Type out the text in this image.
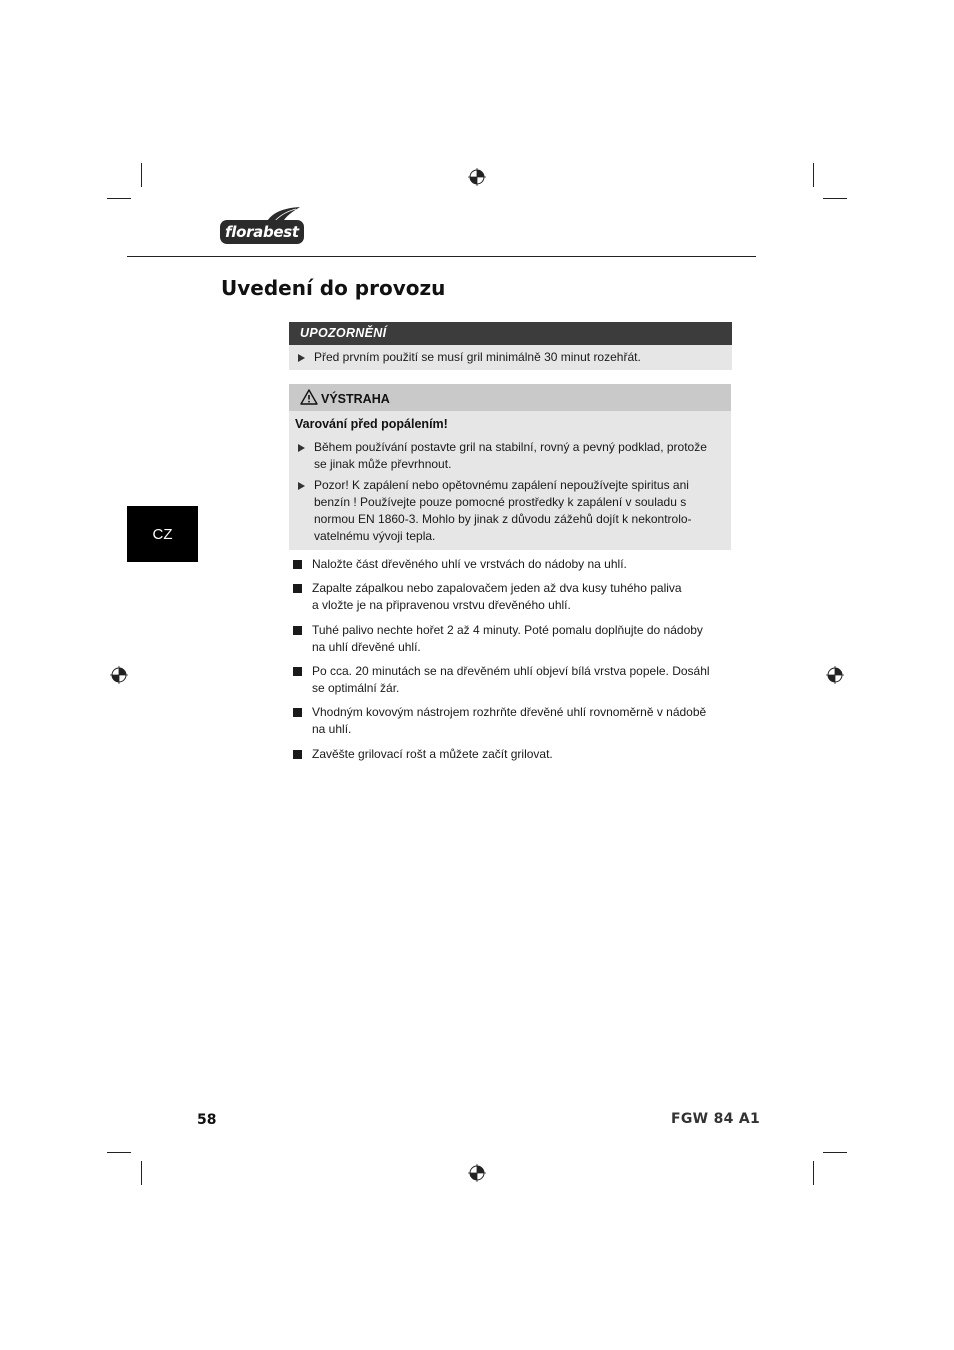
florabest
Uvedení do provozu
CZ
UPOZORNĚNÍ
Před prvním použití se musí gril minimálně 30 minut rozehřát.
VÝSTRAHA
Varování před popálením!
Během používání postavte gril na stabilní, rovný a pevný podklad, protože
se jinak může převrhnout.
Pozor! K zapálení nebo opětovnému zapálení nepoužívejte spiritus ani
benzín ! Používejte pouze pomocné prostředky k zapálení v souladu s
normou EN 1860-3. Mohlo by jinak z důvodu zážehů dojít k nekontrolo-
vatelnému vývoji tepla.
Naložte část dřevěného uhlí ve vrstvách do nádoby na uhlí.
Zapalte zápalkou nebo zapalovačem jeden až dva kusy tuhého paliva
a vložte je na připravenou vrstvu dřevěného uhlí.
Tuhé palivo nechte hořet 2 až 4 minuty. Poté pomalu doplňujte do nádoby
na uhlí dřevěné uhlí.
Po cca. 20 minutách se na dřevěném uhlí objeví bílá vrstva popele. Dosáhl
se optimální žár.
Vhodným kovovým nástrojem rozhrňte dřevěné uhlí rovnoměrně v nádobě
na uhlí.
Zavěšte grilovací rošt a můžete začít grilovat.
58	FGW 84 A1
